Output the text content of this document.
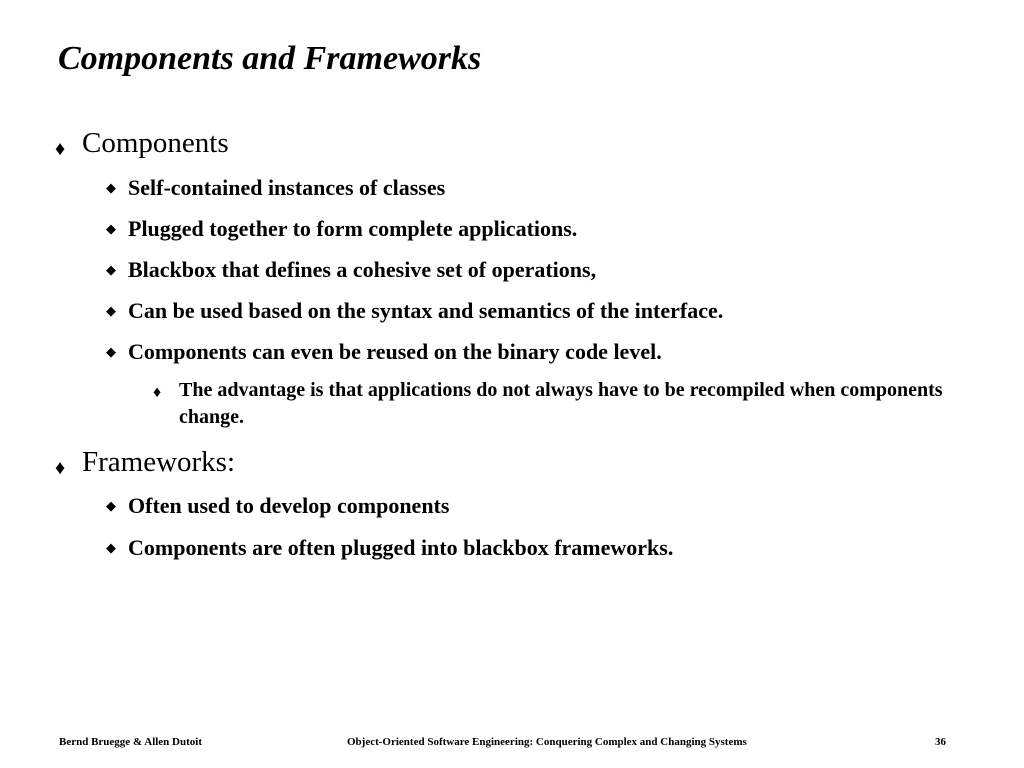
Components and Frameworks
♦ Components
◆ Self-contained instances of classes
◆ Plugged together to form complete applications.
◆ Blackbox that defines a cohesive set of operations,
◆ Can be used based on the syntax and semantics of the interface.
◆ Components can even be reused on the binary code level.
♦ The advantage is that applications do not always have to be recompiled when components change.
♦ Frameworks:
◆ Often used to develop components
◆ Components are often plugged into blackbox frameworks.
Bernd Bruegge & Allen Dutoit	Object-Oriented Software Engineering: Conquering Complex and Changing Systems	36
